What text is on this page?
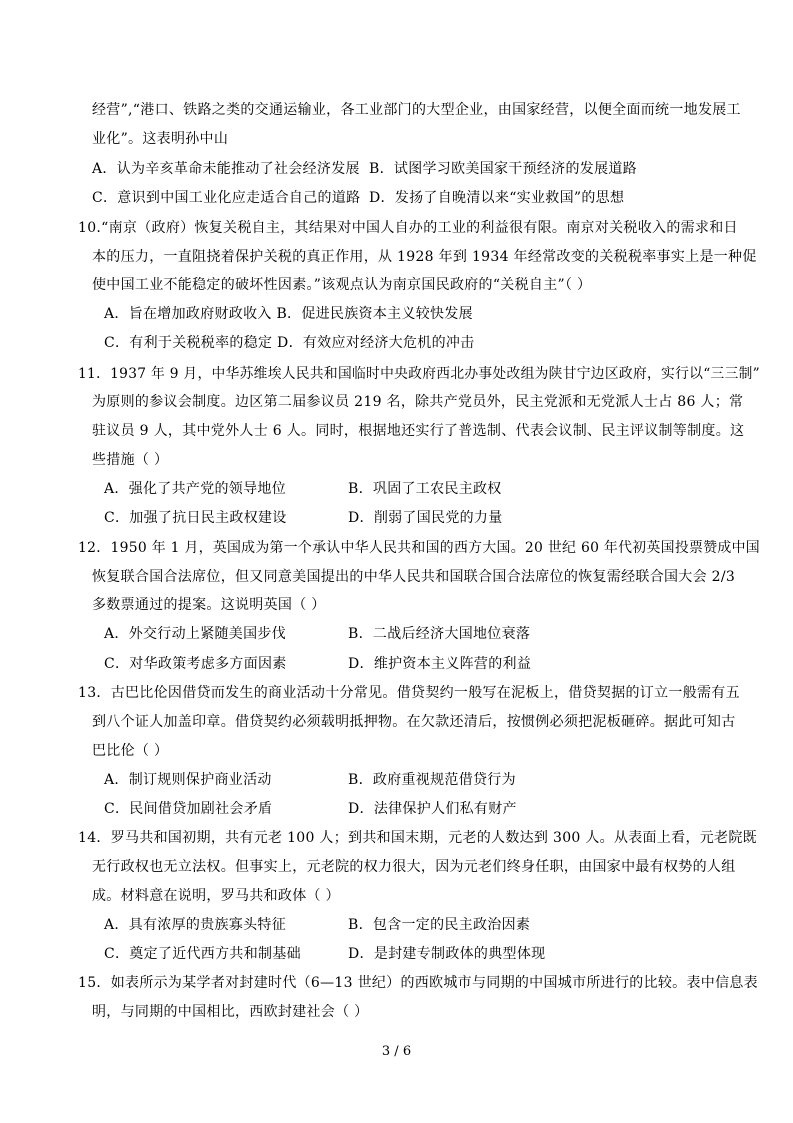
经营”,“港口、铁路之类的交通运输业，各工业部门的大型企业，由国家经营，以便全面而统一地发展工
业化”。这表明孙中山
A．认为辛亥革命未能推动了社会经济发展 B．试图学习欧美国家干预经济的发展道路
C．意识到中国工业化应走适合自己的道路 D．发扬了自晚清以来“实业救国”的思想
10.“南京（政府）恢复关税自主，其结果对中国人自办的工业的利益很有限。南京对关税收入的需求和日
本的压力，一直阻挠着保护关税的真正作用，从 1928 年到 1934 年经常改变的关税税率事实上是一种促
使中国工业不能稳定的破坏性因素。”该观点认为南京国民政府的“关税自主”（ ）
A．旨在增加政府财政收入 B．促进民族资本主义较快发展
C．有利于关税税率的稳定 D．有效应对经济大危机的冲击
11．1937 年 9 月，中华苏维埃人民共和国临时中央政府西北办事处改组为陕甘宁边区政府，实行以“三三制”
为原则的参议会制度。边区第二届参议员 219 名，除共产党员外，民主党派和无党派人士占 86 人；常
驻议员 9 人，其中党外人士 6 人。同时，根据地还实行了普选制、代表会议制、民主评议制等制度。这
些措施（ ）
A．强化了共产党的领导地位	B．巩固了工农民主政权
C．加强了抗日民主政权建设	D．削弱了国民党的力量
12．1950 年 1 月，英国成为第一个承认中华人民共和国的西方大国。20 世纪 60 年代初英国投票赞成中国
恢复联合国合法席位，但又同意美国提出的中华人民共和国联合国合法席位的恢复需经联合国大会 2/3
多数票通过的提案。这说明英国（ ）
A．外交行动上紧随美国步伐	B．二战后经济大国地位衰落
C．对华政策考虑多方面因素	D．维护资本主义阵营的利益
13．古巴比伦因借贷而发生的商业活动十分常见。借贷契约一般写在泥板上，借贷契据的订立一般需有五
到八个证人加盖印章。借贷契约必须载明抵押物。在欠款还清后，按惯例必须把泥板砸碎。据此可知古
巴比伦（ ）
A．制订规则保护商业活动	B．政府重视规范借贷行为
C．民间借贷加剧社会矛盾	D．法律保护人们私有财产
14．罗马共和国初期，共有元老 100 人；到共和国末期，元老的人数达到 300 人。从表面上看，元老院既
无行政权也无立法权。但事实上，元老院的权力很大，因为元老们终身任职，由国家中最有权势的人组
成。材料意在说明，罗马共和政体（ ）
A．具有浓厚的贵族寡头特征	B．包含一定的民主政治因素
C．奠定了近代西方共和制基础	D．是封建专制政体的典型体现
15．如表所示为某学者对封建时代（6—13 世纪）的西欧城市与同期的中国城市所进行的比较。表中信息表
明，与同期的中国相比，西欧封建社会（ ）
3 / 6
